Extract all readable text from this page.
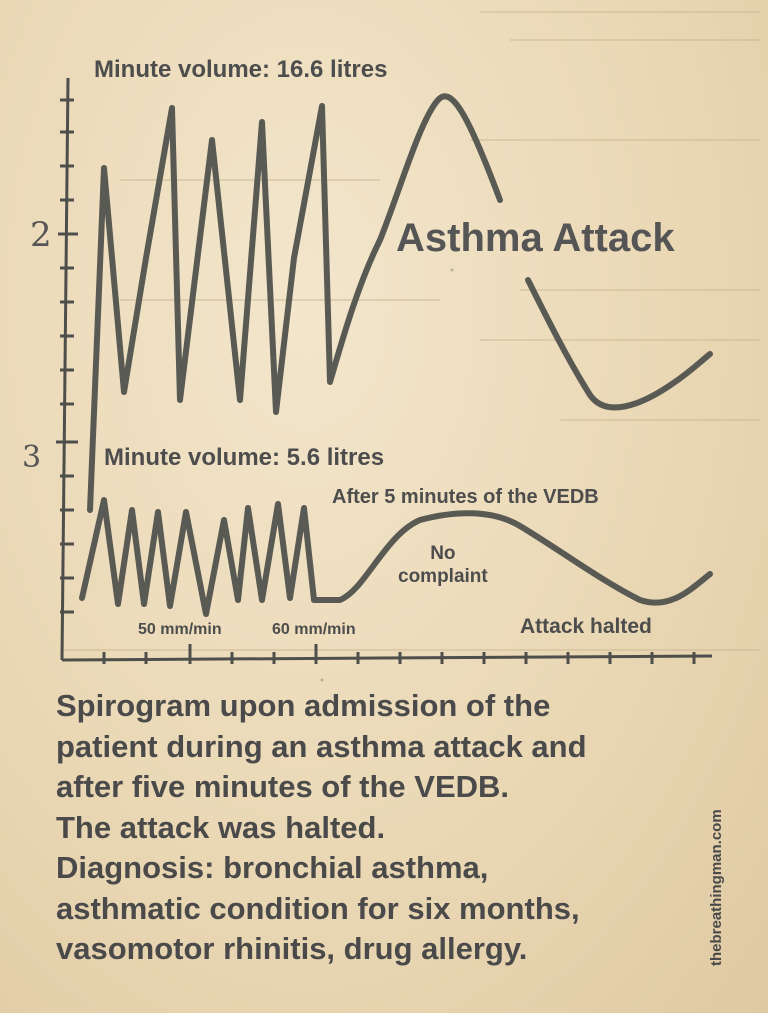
Minute volume: 16.6 litres
Asthma Attack
2
3	Minute volume: 5.6 litres
After 5 minutes of the VEDB
No
complaint
50 mm/min	60 mm/min	Attack halted
Spirogram upon admission of the
patient during an asthma attack and
after five minutes of the VEDB.
The attack was halted.
Diagnosis: bronchial asthma,
asthmatic condition for six months,
vasomotor rhinitis, drug allergy.	thebreathingman.com
